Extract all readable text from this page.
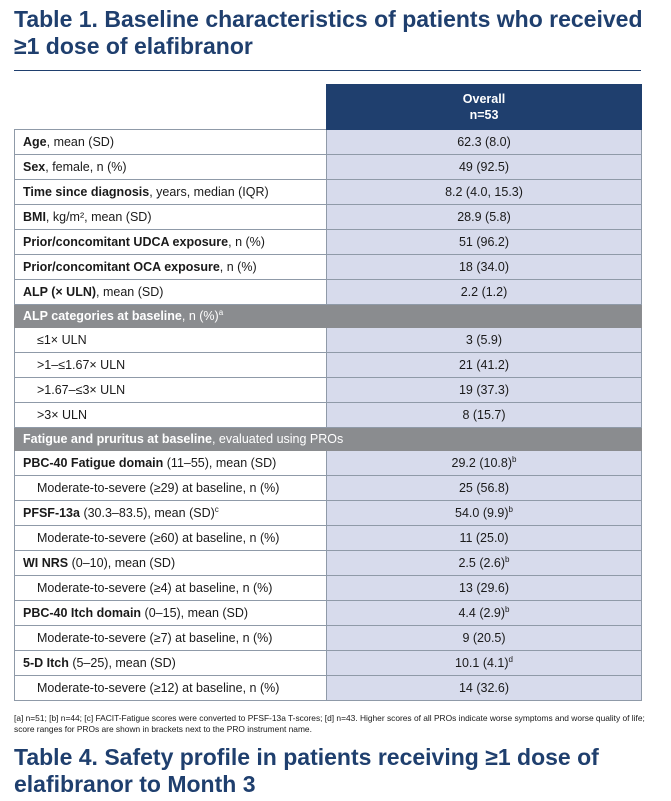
Table 1. Baseline characteristics of patients who received ≥1 dose of elafibranor

	Overall
n=53

Age, mean (SD)	62.3 (8.0)
Sex, female, n (%)	49 (92.5)
Time since diagnosis, years, median (IQR)	8.2 (4.0, 15.3)
BMI, kg/m², mean (SD)	28.9 (5.8)
Prior/concomitant UDCA exposure, n (%)	51 (96.2)
Prior/concomitant OCA exposure, n (%)	18 (34.0)
ALP (× ULN), mean (SD)	2.2 (1.2)
ALP categories at baseline, n (%)$^a$
≤1× ULN	3 (5.9)
>1–≤1.67× ULN	21 (41.2)
>1.67–≤3× ULN	19 (37.3)
>3× ULN	8 (15.7)
Fatigue and pruritus at baseline, evaluated using PROs	
PBC-40 Fatigue domain (11–55), mean (SD)	29.2 $(10.8)^b$
Moderate-to-severe (≥29) at baseline, n (%)	25 (56.8)
PFSF-13a (30.3–83.5), mean (SD)$^c$	54.0 $(9.9)^b$
Moderate-to-severe (≥60) at baseline, n (%)	11 (25.0)
WI NRS (0–10), mean (SD)	2.5 $(2.6)^b$
Moderate-to-severe (≥4) at baseline, n (%)	13 (29.6)
PBC-40 Itch domain (0–15), mean (SD)	4.4 $(2.9)^b$
Moderate-to-severe (≥7) at baseline, n (%)	9 (20.5)
5-D Itch (5–25), mean (SD)	10.1 $(4.1)^d$
Moderate-to-severe (≥12) at baseline, n (%)	14 (32.6)
[a] n=51; [b] n=44; [c] FACIT-Fatigue scores were converted to PFSF-13a T-scores; [d] n=43. Higher scores of all PROs indicate worse symptoms and worse quality of life; score ranges for PROs are shown in brackets next to the PRO instrument name.
Table 4. Safety profile in patients receiving ≥1 dose of elafibranor to Month 3
